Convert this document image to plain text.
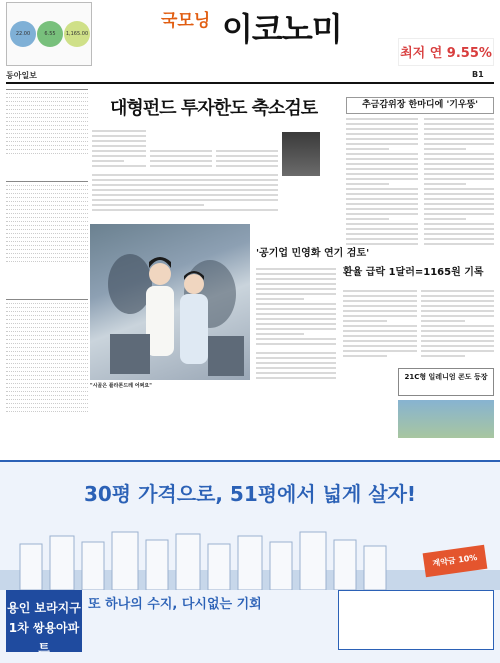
22.00	6.55	1,165.00
국모닝 이코노미
최저 연 9.55%
동아일보	B1
대형펀드 투자한도 축소검토	추금감위장 한마디에 '기우뚱'
"시골은 플라톤드레 어쩌요"
'공기업 민영화 연기 검토'
환율 급락 1달러=1165원 기록
21C형 일레니엄 콘도 등장
30평 가격으로, 51평에서 넓게 살자!
계약금 10%
용인 보라지구 1차 쌍용아파트
또 하나의 수지, 다시없는 기회
